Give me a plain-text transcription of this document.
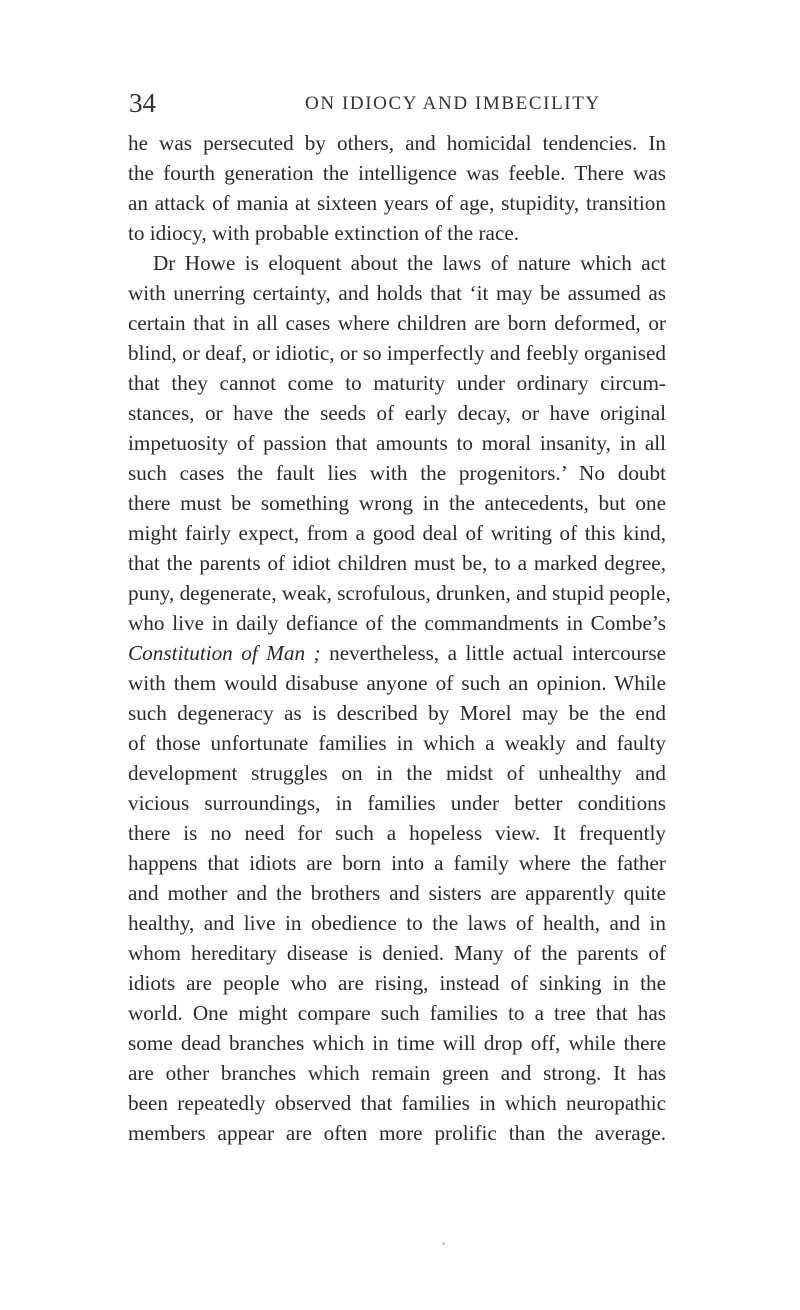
34	ON IDIOCY AND IMBECILITY
he was persecuted by others, and homicidal tendencies. In
the fourth generation the intelligence was feeble. There was
an attack of mania at sixteen years of age, stupidity, transition
to idiocy, with probable extinction of the race.
Dr Howe is eloquent about the laws of nature which act
with unerring certainty, and holds that ‘it may be assumed as
certain that in all cases where children are born deformed, or
blind, or deaf, or idiotic, or so imperfectly and feebly organised
that they cannot come to maturity under ordinary circum-
stances, or have the seeds of early decay, or have original
impetuosity of passion that amounts to moral insanity, in all
such cases the fault lies with the progenitors.’ No doubt
there must be something wrong in the antecedents, but one
might fairly expect, from a good deal of writing of this kind,
that the parents of idiot children must be, to a marked degree,
puny, degenerate, weak, scrofulous, drunken, and stupid people,
who live in daily defiance of the commandments in Combe’s
Constitution of Man ; nevertheless, a little actual intercourse
with them would disabuse anyone of such an opinion. While
such degeneracy as is described by Morel may be the end
of those unfortunate families in which a weakly and faulty
development struggles on in the midst of unhealthy and
vicious surroundings, in families under better conditions
there is no need for such a hopeless view. It frequently
happens that idiots are born into a family where the father
and mother and the brothers and sisters are apparently quite
healthy, and live in obedience to the laws of health, and in
whom hereditary disease is denied. Many of the parents of
idiots are people who are rising, instead of sinking in the
world. One might compare such families to a tree that has
some dead branches which in time will drop off, while there
are other branches which remain green and strong. It has
been repeatedly observed that families in which neuropathic
members appear are often more prolific than the average.
